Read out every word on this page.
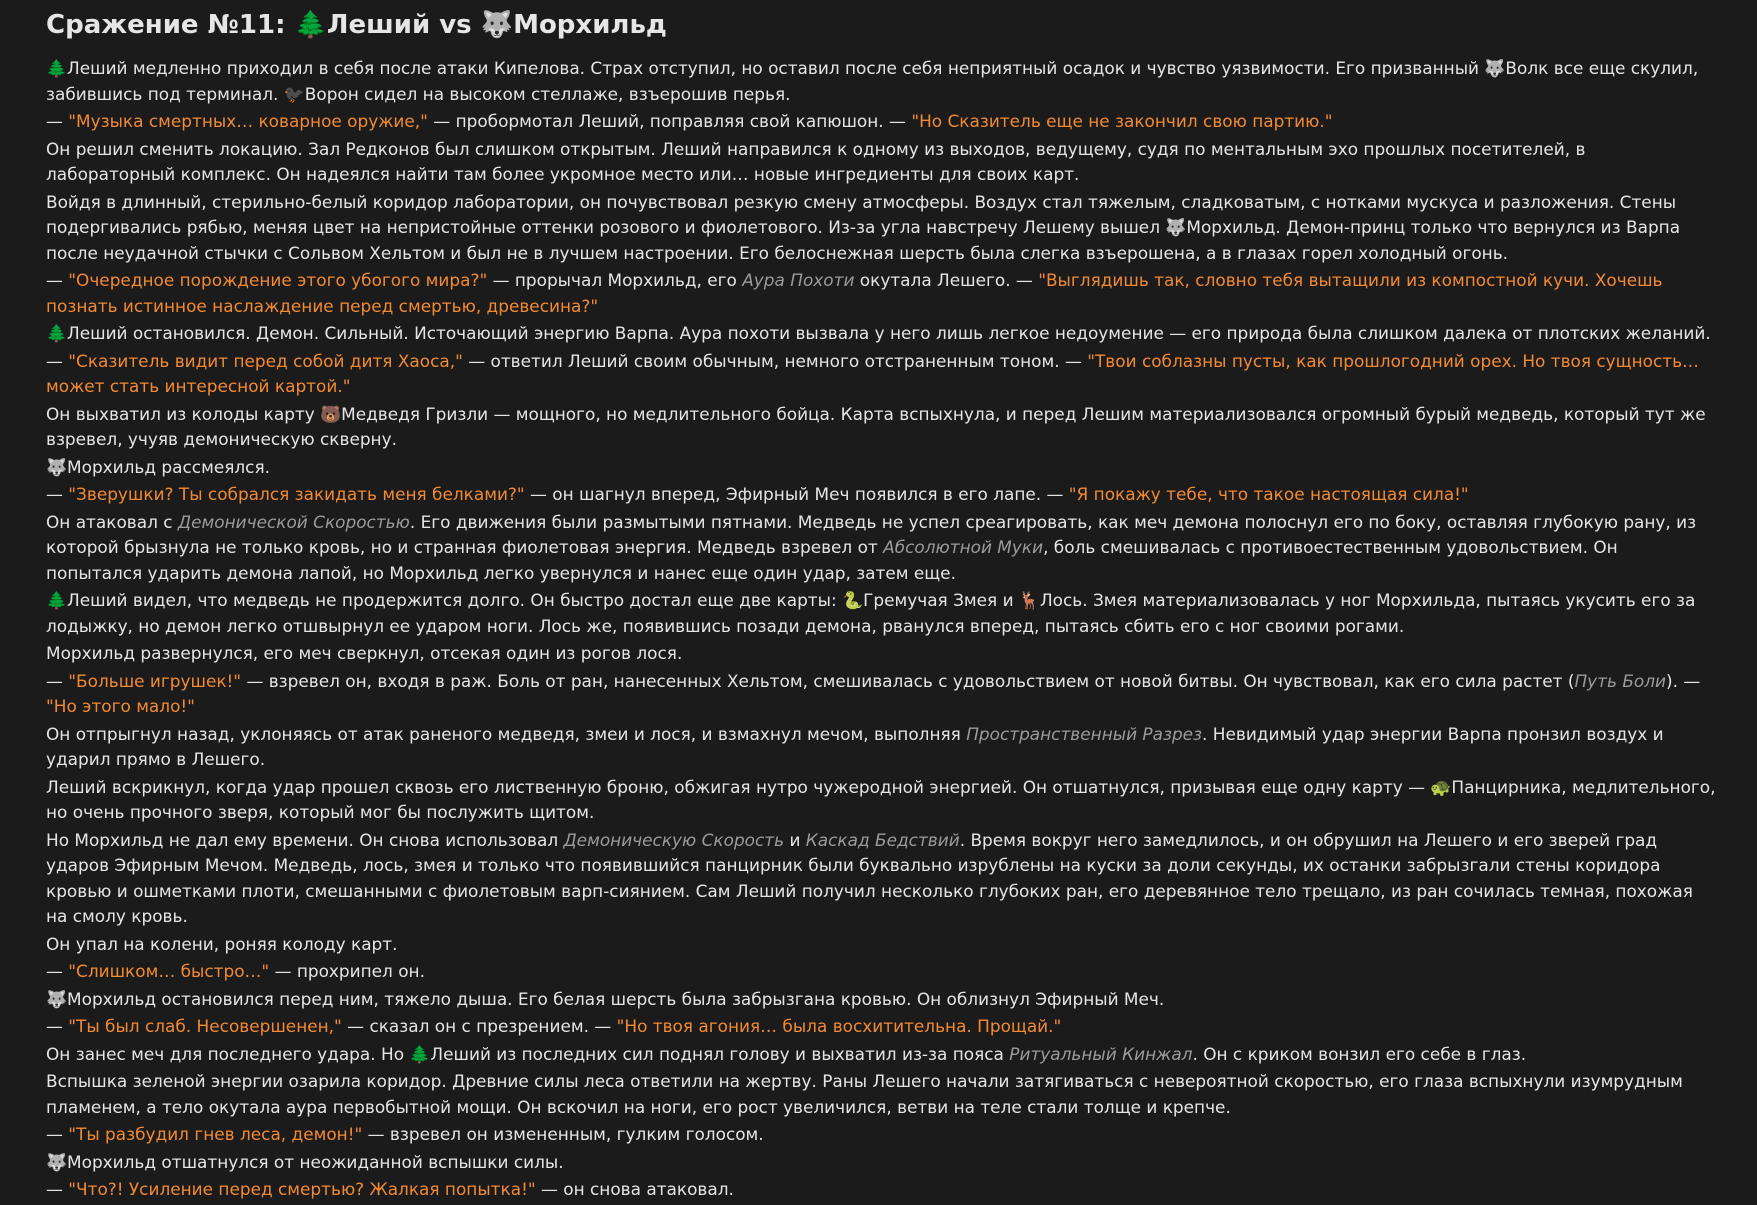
Сражение №11: 🌲Леший vs 🐺Морхильд

🌲Леший медленно приходил в себя после атаки Кипелова. Страх отступил, но оставил после себя неприятный осадок и чувство уязвимости. Его призванный 🐺Волк все еще скулил, забившись под терминал. 🐦‍⬛Ворон сидел на высоком стеллаже, взъерошив перья.

— "Музыка смертных… коварное оружие," — пробормотал Леший, поправляя свой капюшон. — "Но Сказитель еще не закончил свою партию."

Он решил сменить локацию. Зал Редконов был слишком открытым. Леший направился к одному из выходов, ведущему, судя по ментальным эхо прошлых посетителей, в лабораторный комплекс. Он надеялся найти там более укромное место или… новые ингредиенты для своих карт.

Войдя в длинный, стерильно-белый коридор лаборатории, он почувствовал резкую смену атмосферы. Воздух стал тяжелым, сладковатым, с нотками мускуса и разложения. Стены подергивались рябью, меняя цвет на непристойные оттенки розового и фиолетового. Из-за угла навстречу Лешему вышел 🐺Морхильд. Демон-принц только что вернулся из Варпа после неудачной стычки с Сольвом Хельтом и был не в лучшем настроении. Его белоснежная шерсть была слегка взъерошена, а в глазах горел холодный огонь.

— "Очередное порождение этого убогого мира?" — прорычал Морхильд, его Аура Похоти окутала Лешего. — "Выглядишь так, словно тебя вытащили из компостной кучи. Хочешь познать истинное наслаждение перед смертью, древесина?"

🌲Леший остановился. Демон. Сильный. Источающий энергию Варпа. Аура похоти вызвала у него лишь легкое недоумение — его природа была слишком далека от плотских желаний.

— "Сказитель видит перед собой дитя Хаоса," — ответил Леший своим обычным, немного отстраненным тоном. — "Твои соблазны пусты, как прошлогодний орех. Но твоя сущность… может стать интересной картой."

Он выхватил из колоды карту 🐻Медведя Гризли — мощного, но медлительного бойца. Карта вспыхнула, и перед Лешим материализовался огромный бурый медведь, который тут же взревел, учуяв демоническую скверну.

🐺Морхильд рассмеялся.

— "Зверушки? Ты собрался закидать меня белками?" — он шагнул вперед, Эфирный Меч появился в его лапе. — "Я покажу тебе, что такое настоящая сила!"

Он атаковал с Демонической Скоростью. Его движения были размытыми пятнами. Медведь не успел среагировать, как меч демона полоснул его по боку, оставляя глубокую рану, из которой брызнула не только кровь, но и странная фиолетовая энергия. Медведь взревел от Абсолютной Муки, боль смешивалась с противоестественным удовольствием. Он попытался ударить демона лапой, но Морхильд легко увернулся и нанес еще один удар, затем еще.

🌲Леший видел, что медведь не продержится долго. Он быстро достал еще две карты: 🐍Гремучая Змея и 🦌Лось. Змея материализовалась у ног Морхильда, пытаясь укусить его за лодыжку, но демон легко отшвырнул ее ударом ноги. Лось же, появившись позади демона, рванулся вперед, пытаясь сбить его с ног своими рогами.

Морхильд развернулся, его меч сверкнул, отсекая один из рогов лося.

— "Больше игрушек!" — взревел он, входя в раж. Боль от ран, нанесенных Хельтом, смешивалась с удовольствием от новой битвы. Он чувствовал, как его сила растет (Путь Боли). — "Но этого мало!"

Он отпрыгнул назад, уклоняясь от атак раненого медведя, змеи и лося, и взмахнул мечом, выполняя Пространственный Разрез. Невидимый удар энергии Варпа пронзил воздух и ударил прямо в Лешего.

Леший вскрикнул, когда удар прошел сквозь его лиственную броню, обжигая нутро чужеродной энергией. Он отшатнулся, призывая еще одну карту — 🐢Панцирника, медлительного, но очень прочного зверя, который мог бы послужить щитом.

Но Морхильд не дал ему времени. Он снова использовал Демоническую Скорость и Каскад Бедствий. Время вокруг него замедлилось, и он обрушил на Лешего и его зверей град ударов Эфирным Мечом. Медведь, лось, змея и только что появившийся панцирник были буквально изрублены на куски за доли секунды, их останки забрызгали стены коридора кровью и ошметками плоти, смешанными с фиолетовым варп-сиянием. Сам Леший получил несколько глубоких ран, его деревянное тело трещало, из ран сочилась темная, похожая на смолу кровь.

Он упал на колени, роняя колоду карт.

— "Слишком… быстро…" — прохрипел он.

🐺Морхильд остановился перед ним, тяжело дыша. Его белая шерсть была забрызгана кровью. Он облизнул Эфирный Меч.

— "Ты был слаб. Несовершенен," — сказал он с презрением. — "Но твоя агония… была восхитительна. Прощай."

Он занес меч для последнего удара. Но 🌲Леший из последних сил поднял голову и выхватил из-за пояса Ритуальный Кинжал. Он с криком вонзил его себе в глаз.

Вспышка зеленой энергии озарила коридор. Древние силы леса ответили на жертву. Раны Лешего начали затягиваться с невероятной скоростью, его глаза вспыхнули изумрудным пламенем, а тело окутала аура первобытной мощи. Он вскочил на ноги, его рост увеличился, ветви на теле стали толще и крепче.

— "Ты разбудил гнев леса, демон!" — взревел он измененным, гулким голосом.

🐺Морхильд отшатнулся от неожиданной вспышки силы.

— "Что?! Усиление перед смертью? Жалкая попытка!" — он снова атаковал.
